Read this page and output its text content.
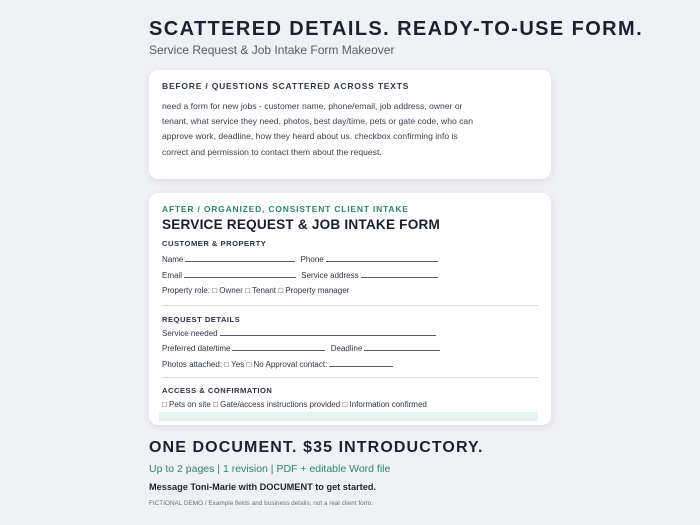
SCATTERED DETAILS. READY-TO-USE FORM.
Service Request & Job Intake Form Makeover
BEFORE / QUESTIONS SCATTERED ACROSS TEXTS
need a form for new jobs - customer name, phone/email, job address, owner or tenant, what service they need, photos, best day/time, pets or gate code, who can approve work, deadline, how they heard about us. checkbox confirming info is correct and permission to contact them about the request.
AFTER / ORGANIZED, CONSISTENT CLIENT INTAKE
SERVICE REQUEST & JOB INTAKE FORM
CUSTOMER & PROPERTY
Name	Phone
Email	Service address
Property role: □ Owner □ Tenant □ Property manager
REQUEST DETAILS
Service needed
Preferred date/time	Deadline
Photos attached: □ Yes □ No Approval contact:
ACCESS & CONFIRMATION
□ Pets on site □ Gate/access instructions provided □ Information confirmed
ONE DOCUMENT. $35 INTRODUCTORY.
Up to 2 pages | 1 revision | PDF + editable Word file
Message Toni-Marie with DOCUMENT to get started.
FICTIONAL DEMO / Example fields and business details; not a real client form.
